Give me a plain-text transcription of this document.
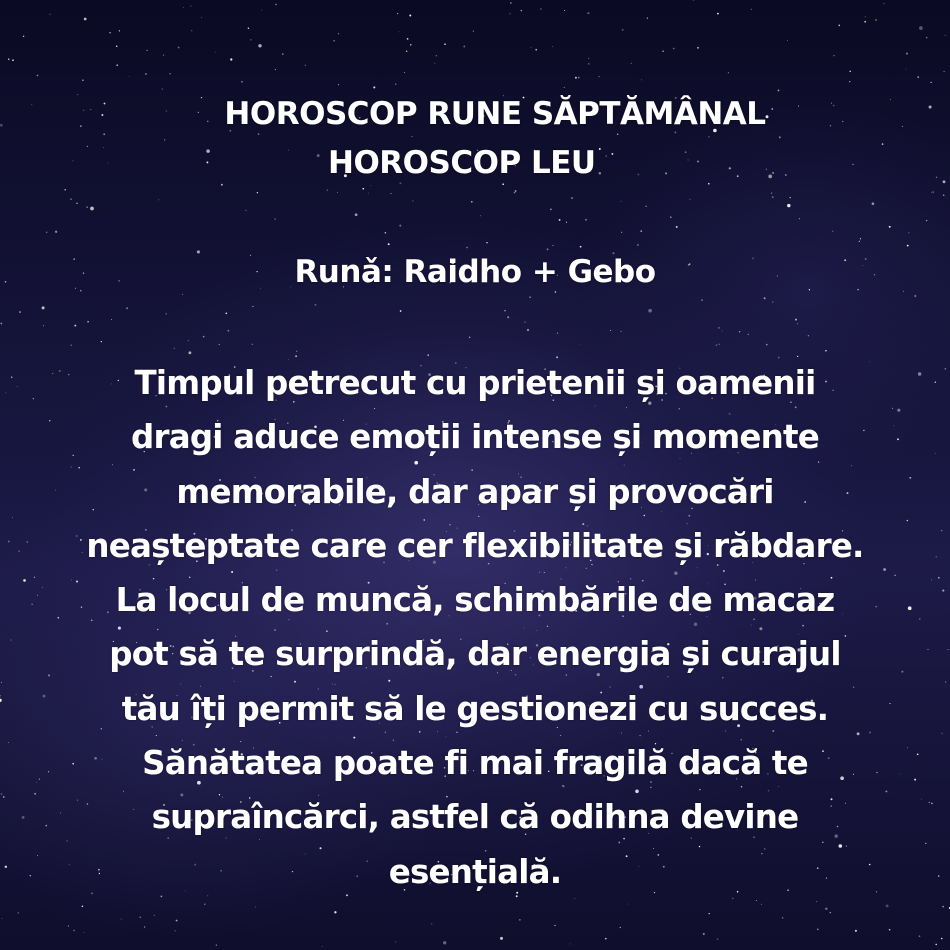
HOROSCOP RUNE SĂPTĂMÂNAL
HOROSCOP LEU
Runǎ: Raidho + Gebo
Timpul petrecut cu prietenii și oamenii
dragi aduce emoții intense și momente
memorabile, dar apar și provocări
neașteptate care cer flexibilitate și răbdare.
La locul de muncă, schimbările de macaz
pot să te surprindă, dar energia și curajul
tău îți permit să le gestionezi cu succes.
Sănătatea poate fi mai fragilă dacă te
supraîncărci, astfel că odihna devine
esențială.
